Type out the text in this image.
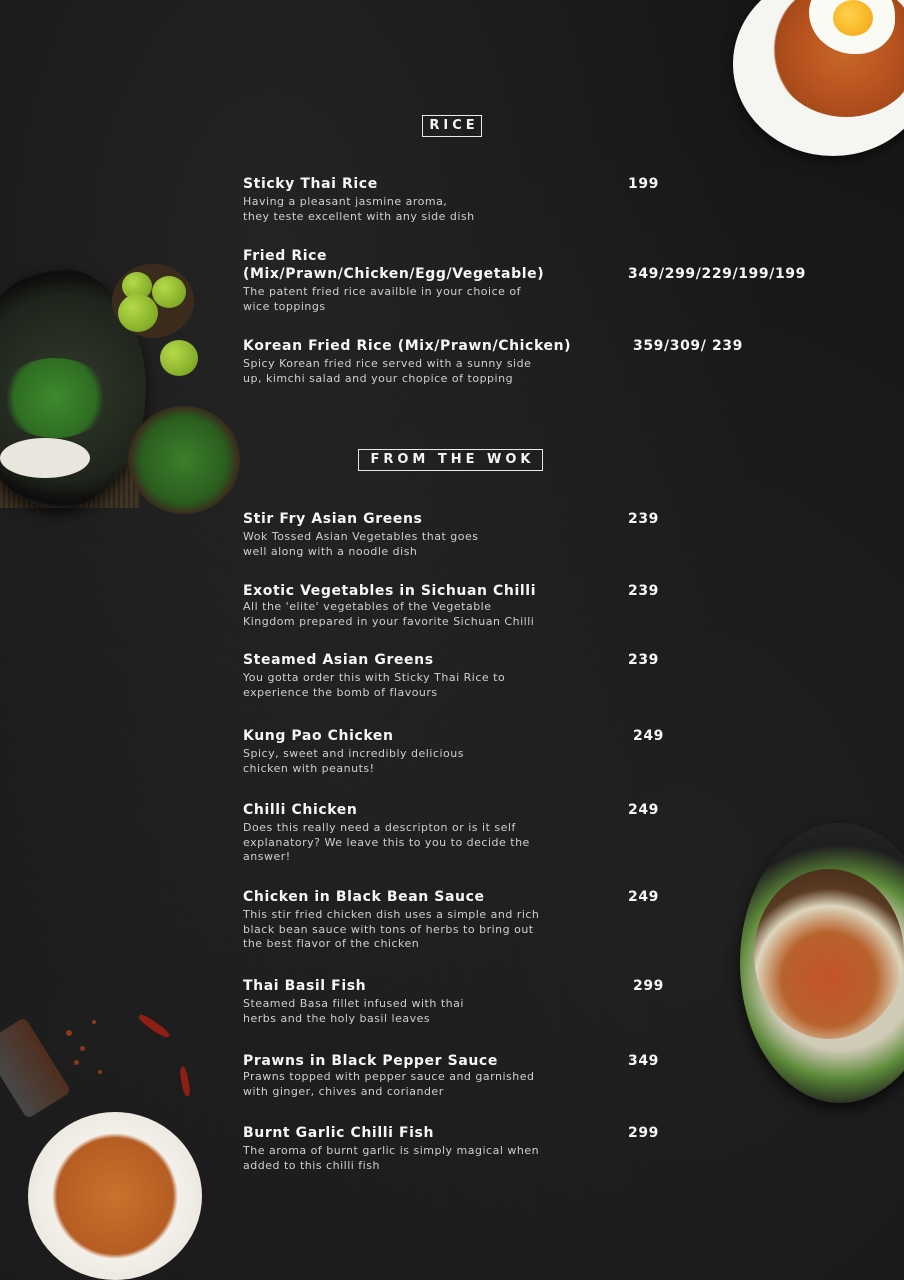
RICE
Sticky Thai Rice	199
Having a pleasant jasmine aroma,
they teste excellent with any side dish
Fried Rice
(Mix/Prawn/Chicken/Egg/Vegetable)	349/299/229/199/199
The patent fried rice availble in your choice of
wice toppings
Korean Fried Rice (Mix/Prawn/Chicken)	359/309/ 239
Spicy Korean fried rice served with a sunny side
up, kimchi salad and your chopice of topping
FROM THE WOK
Stir Fry Asian Greens	239
Wok Tossed Asian Vegetables that goes
well along with a noodle dish
Exotic Vegetables in Sichuan Chilli	239
All the 'elite' vegetables of the Vegetable
Kingdom prepared in your favorite Sichuan Chilli
Steamed Asian Greens	239
You gotta order this with Sticky Thai Rice to
experience the bomb of flavours
Kung Pao Chicken	249
Spicy, sweet and incredibly delicious
chicken with peanuts!
Chilli Chicken	249
Does this really need a descripton or is it self
explanatory? We leave this to you to decide the
answer!
Chicken in Black Bean Sauce	249
This stir fried chicken dish uses a simple and rich
black bean sauce with tons of herbs to bring out
the best flavor of the chicken
Thai Basil Fish	299
Steamed Basa fillet infused with thai
herbs and the holy basil leaves
Prawns in Black Pepper Sauce	349
Prawns topped with pepper sauce and garnished
with ginger, chives and coriander
Burnt Garlic Chilli Fish	299
The aroma of burnt garlic is simply magical when
added to this chilli fish
